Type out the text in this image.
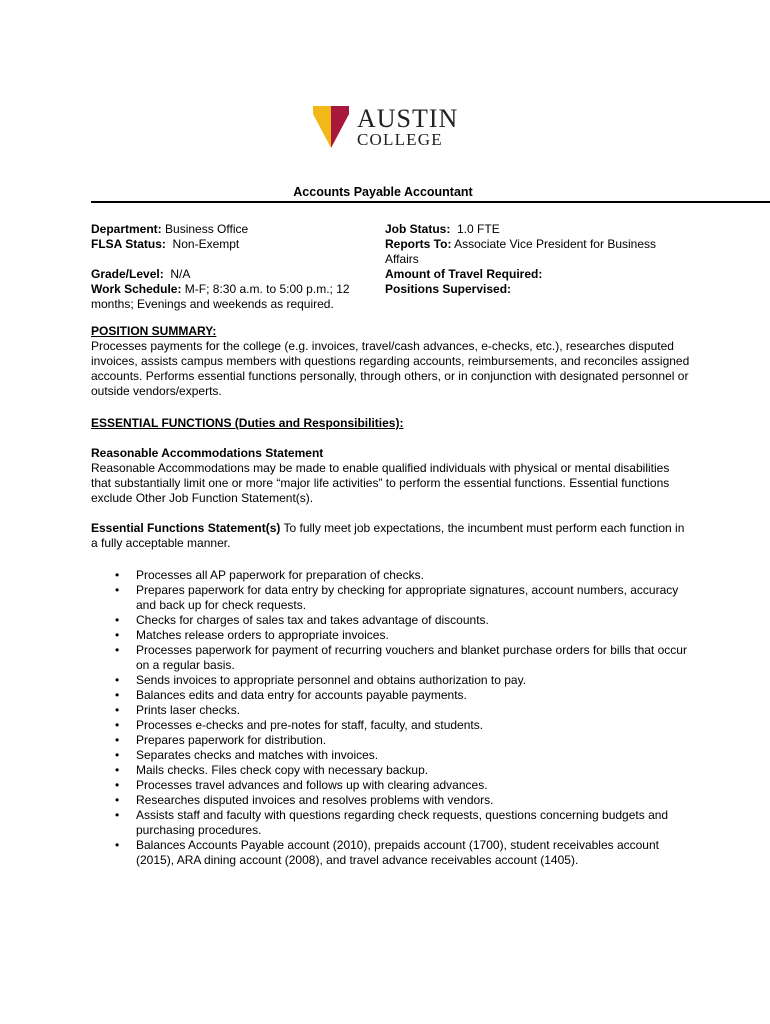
AUSTIN
COLLEGE
Accounts Payable Accountant

Department: Business Office

FLSA Status:  Non-Exempt

Grade/Level:  N/A

Work Schedule: M-F; 8:30 a.m. to 5:00 p.m.; 12 months; Evenings and weekends as required.

Job Status:  1.0 FTE

Reports To: Associate Vice President for Business Affairs

Amount of Travel Required:

Positions Supervised:

POSITION SUMMARY:

Processes payments for the college (e.g. invoices, travel/cash advances, e-checks, etc.), researches disputed invoices, assists campus members with questions regarding accounts, reimbursements, and reconciles assigned accounts. Performs essential functions personally, through others, or in conjunction with designated personnel or outside vendors/experts.

ESSENTIAL FUNCTIONS (Duties and Responsibilities):

Reasonable Accommodations Statement

Reasonable Accommodations may be made to enable qualified individuals with physical or mental disabilities that substantially limit one or more “major life activities” to perform the essential functions. Essential functions exclude Other Job Function Statement(s).

Essential Functions Statement(s) To fully meet job expectations, the incumbent must perform each function in a fully acceptable manner.

• Processes all AP paperwork for preparation of checks.
• Prepares paperwork for data entry by checking for appropriate signatures, account numbers, accuracy and back up for check requests.
• Checks for charges of sales tax and takes advantage of discounts.
• Matches release orders to appropriate invoices.
• Processes paperwork for payment of recurring vouchers and blanket purchase orders for bills that occur on a regular basis.
• Sends invoices to appropriate personnel and obtains authorization to pay.
• Balances edits and data entry for accounts payable payments.
• Prints laser checks.
• Processes e-checks and pre-notes for staff, faculty, and students.
• Prepares paperwork for distribution.
• Separates checks and matches with invoices.
• Mails checks. Files check copy with necessary backup.
• Processes travel advances and follows up with clearing advances.
• Researches disputed invoices and resolves problems with vendors.
• Assists staff and faculty with questions regarding check requests, questions concerning budgets and purchasing procedures.
• Balances Accounts Payable account (2010), prepaids account (1700), student receivables account (2015), ARA dining account (2008), and travel advance receivables account (1405).
